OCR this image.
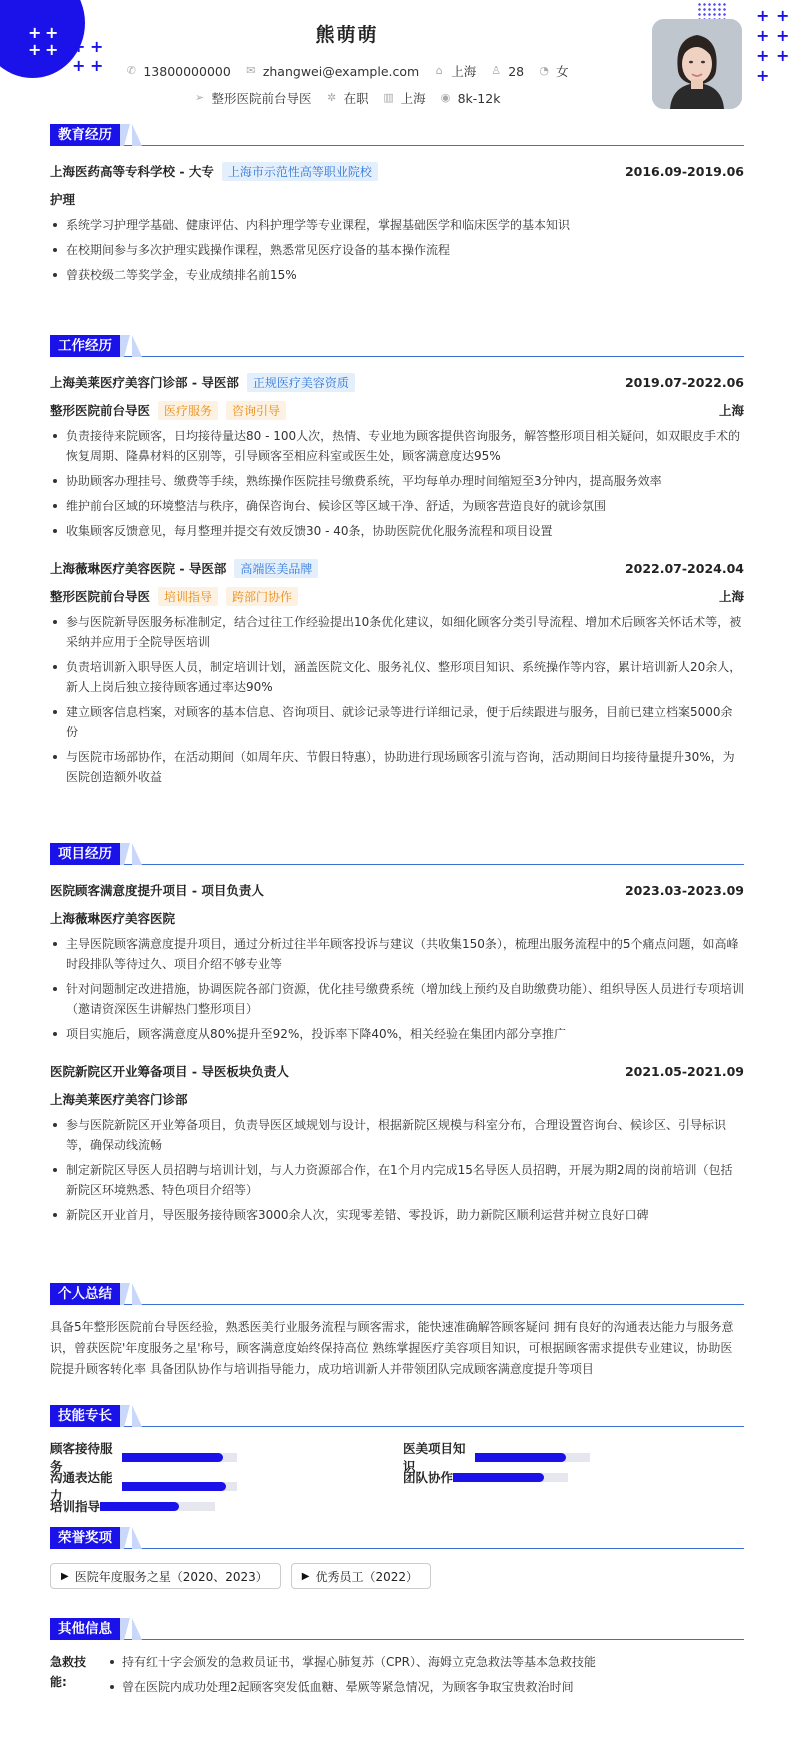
+ +
+ + + +
+ +
+ +
+ +
+ +
+
熊萌萌
✆ 13800000000 ✉ zhangwei@example.com ⌂ 上海 ♙ 28 ◔ 女
➢ 整形医院前台导医 ✲ 在职 ▥ 上海 ◉ 8k-12k
教育经历
上海医药高等专科学校 - 大专	上海市示范性高等职业院校	2016.09-2019.06
护理
系统学习护理学基础、健康评估、内科护理学等专业课程，掌握基础医学和临床医学的基本知识
在校期间参与多次护理实践操作课程，熟悉常见医疗设备的基本操作流程
曾获校级二等奖学金，专业成绩排名前15%
工作经历
上海美莱医疗美容门诊部 - 导医部	正规医疗美容资质	2019.07-2022.06
整形医院前台导医	医疗服务	咨询引导	上海
负责接待来院顾客，日均接待量达80 - 100人次，热情、专业地为顾客提供咨询服务，解答整形项目相关疑问，如双眼皮手术的恢复周期、隆鼻材料的区别等，引导顾客至相应科室或医生处，顾客满意度达95%
协助顾客办理挂号、缴费等手续，熟练操作医院挂号缴费系统，平均每单办理时间缩短至3分钟内，提高服务效率
维护前台区域的环境整洁与秩序，确保咨询台、候诊区等区域干净、舒适，为顾客营造良好的就诊氛围
收集顾客反馈意见，每月整理并提交有效反馈30 - 40条，协助医院优化服务流程和项目设置
上海薇琳医疗美容医院 - 导医部	高端医美品牌	2022.07-2024.04
整形医院前台导医	培训指导	跨部门协作	上海
参与医院新导医服务标准制定，结合过往工作经验提出10条优化建议，如细化顾客分类引导流程、增加术后顾客关怀话术等，被采纳并应用于全院导医培训
负责培训新入职导医人员，制定培训计划，涵盖医院文化、服务礼仪、整形项目知识、系统操作等内容，累计培训新人20余人，新人上岗后独立接待顾客通过率达90%
建立顾客信息档案，对顾客的基本信息、咨询项目、就诊记录等进行详细记录，便于后续跟进与服务，目前已建立档案5000余份
与医院市场部协作，在活动期间（如周年庆、节假日特惠），协助进行现场顾客引流与咨询，活动期间日均接待量提升30%，为医院创造额外收益
项目经历
医院顾客满意度提升项目 - 项目负责人	2023.03-2023.09
上海薇琳医疗美容医院
主导医院顾客满意度提升项目，通过分析过往半年顾客投诉与建议（共收集150条），梳理出服务流程中的5个痛点问题，如高峰时段排队等待过久、项目介绍不够专业等
针对问题制定改进措施，协调医院各部门资源，优化挂号缴费系统（增加线上预约及自助缴费功能）、组织导医人员进行专项培训（邀请资深医生讲解热门整形项目）
项目实施后，顾客满意度从80%提升至92%，投诉率下降40%，相关经验在集团内部分享推广
医院新院区开业筹备项目 - 导医板块负责人	2021.05-2021.09
上海美莱医疗美容门诊部
参与医院新院区开业筹备项目，负责导医区域规划与设计，根据新院区规模与科室分布，合理设置咨询台、候诊区、引导标识等，确保动线流畅
制定新院区导医人员招聘与培训计划，与人力资源部合作，在1个月内完成15名导医人员招聘，开展为期2周的岗前培训（包括新院区环境熟悉、特色项目介绍等）
新院区开业首月，导医服务接待顾客3000余人次，实现零差错、零投诉，助力新院区顺利运营并树立良好口碑
个人总结

具备5年整形医院前台导医经验，熟悉医美行业服务流程与顾客需求，能快速准确解答顾客疑问 拥有良好的沟通表达能力与服务意识，曾获医院'年度服务之星'称号，顾客满意度始终保持高位 熟练掌握医疗美容项目知识，可根据顾客需求提供专业建议，协助医院提升顾客转化率 具备团队协作与培训指导能力，成功培训新人并带领团队完成顾客满意度提升等项目

技能专长
顾客接待服务
医美项目知识
沟通表达能力
团队协作
培训指导
荣誉奖项
▶ 医院年度服务之星（2020、2023）	▶ 优秀员工（2022）
其他信息
急救技能:
持有红十字会颁发的急救员证书，掌握心肺复苏（CPR）、海姆立克急救法等基本急救技能
曾在医院内成功处理2起顾客突发低血糖、晕厥等紧急情况，为顾客争取宝贵救治时间
